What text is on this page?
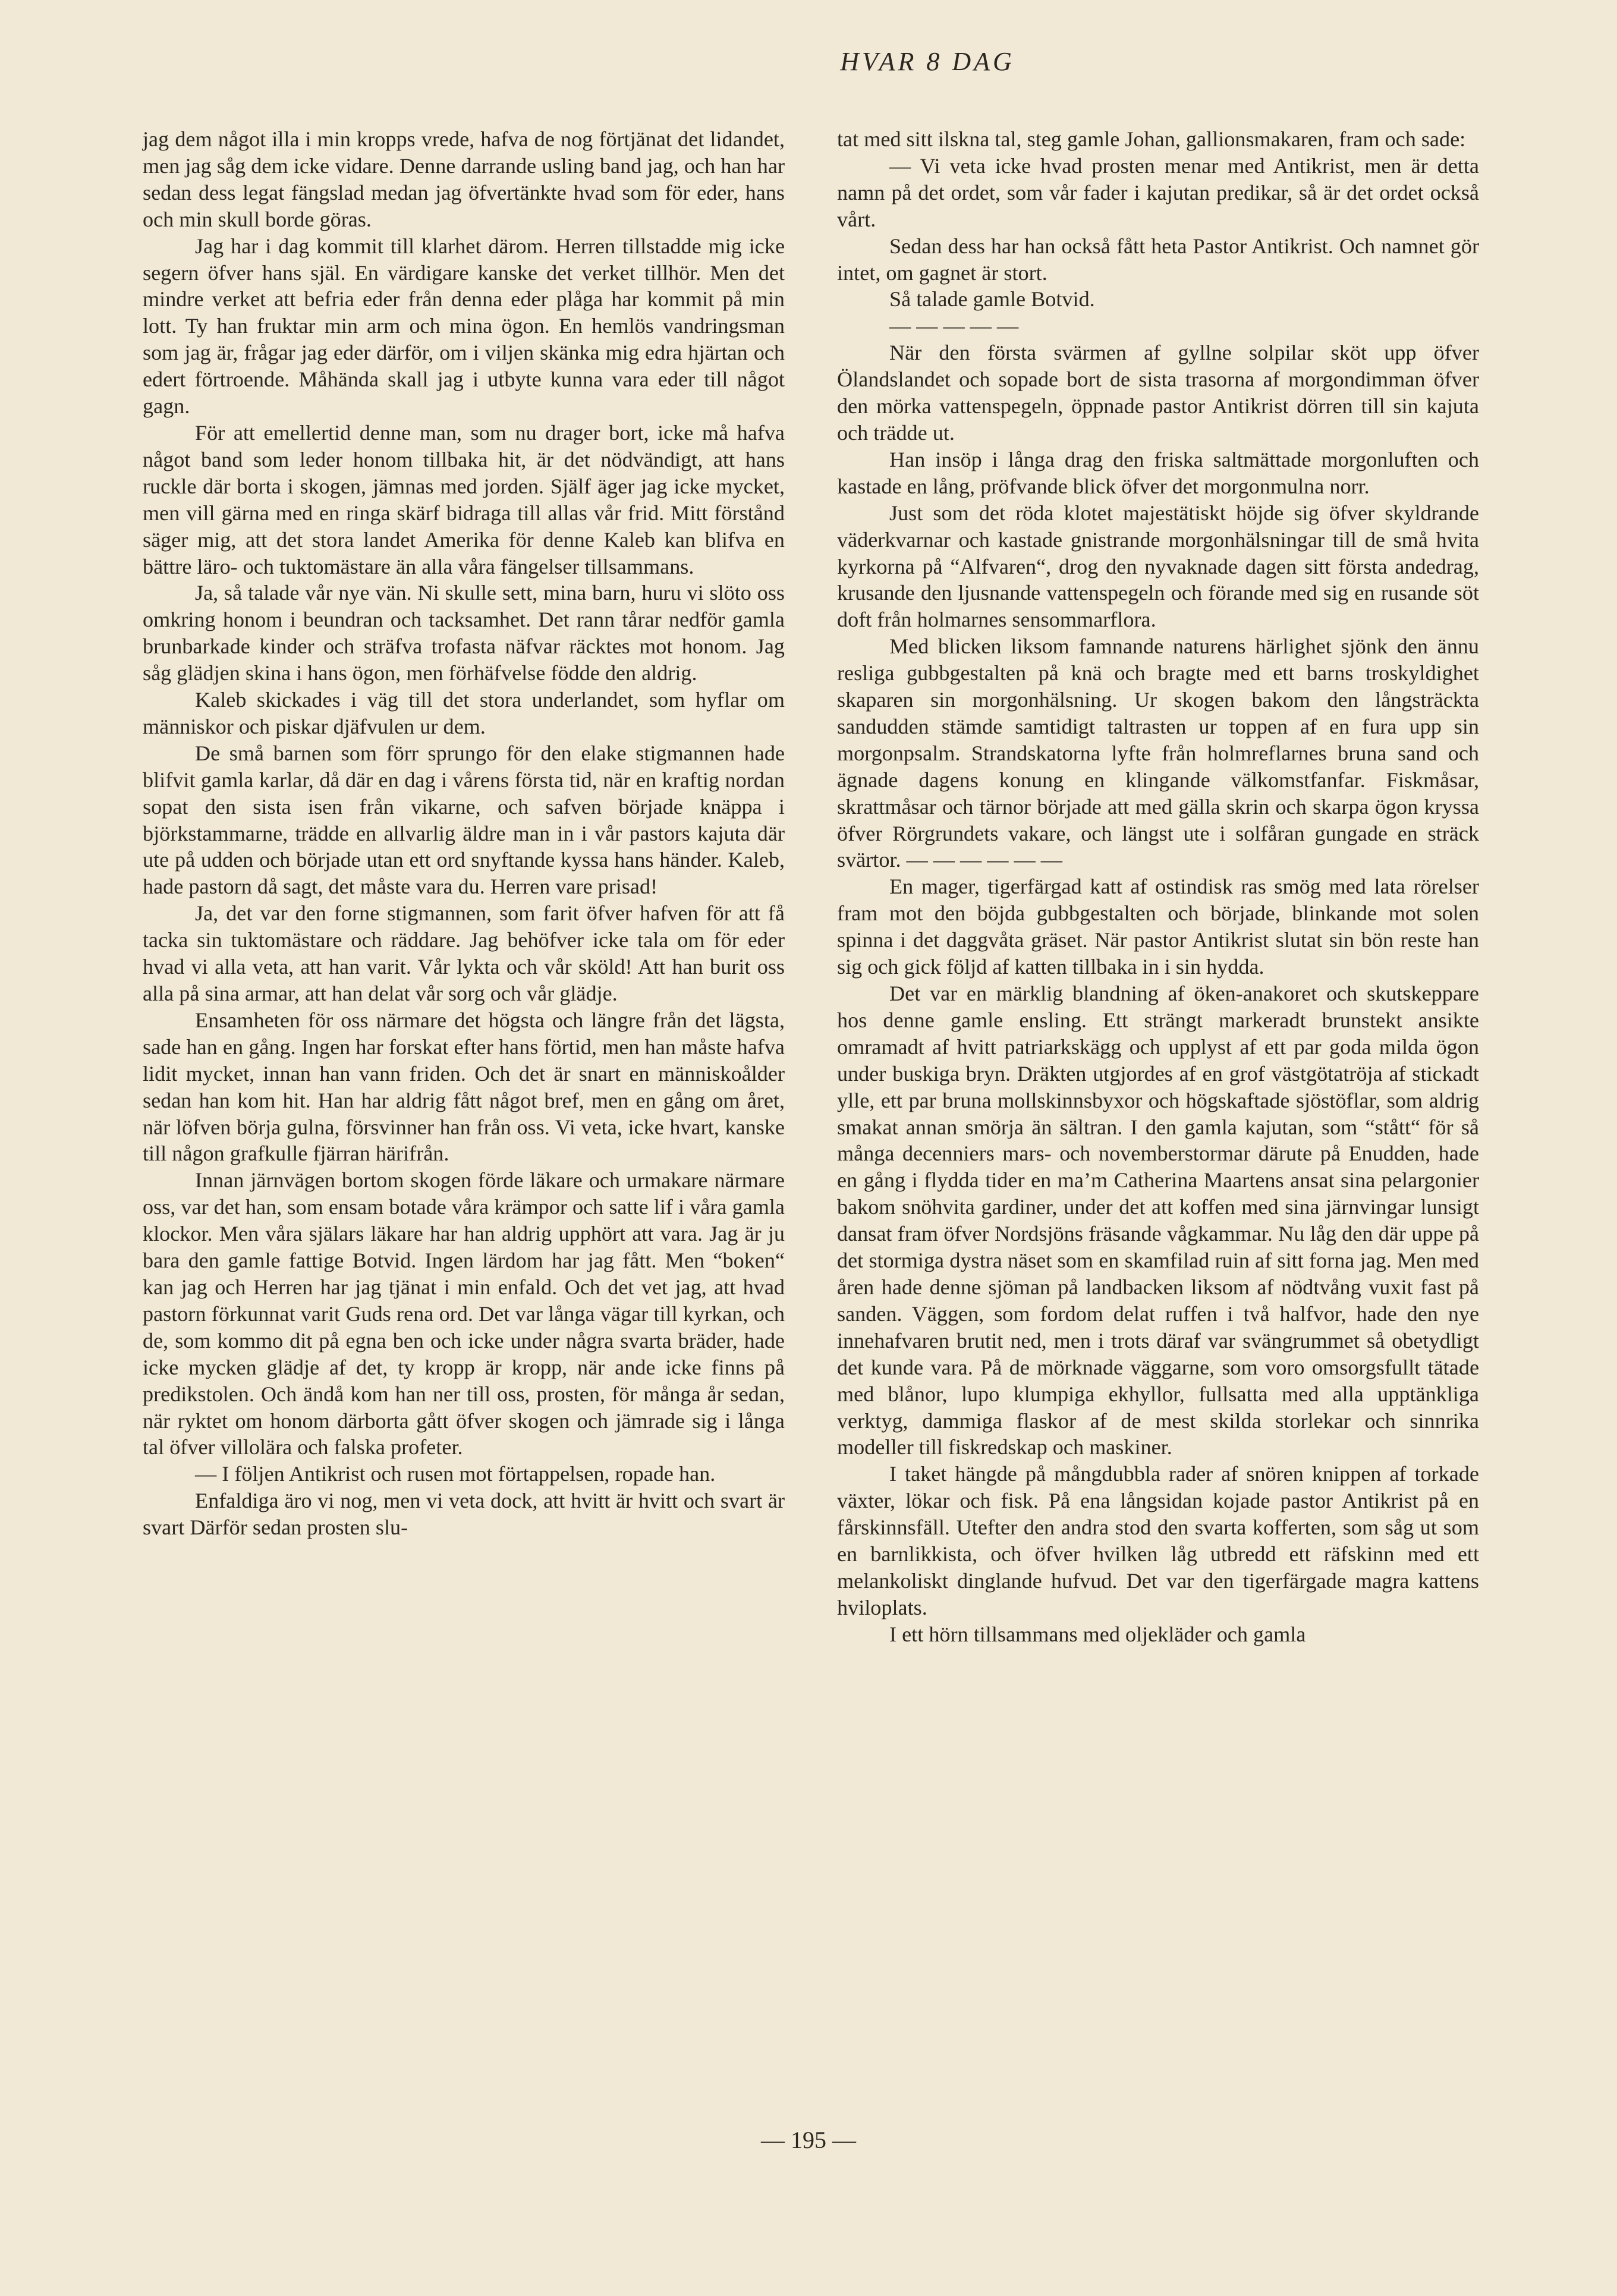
HVAR 8 DAG

jag dem något illa i min kropps vrede, hafva de nog förtjänat det lidandet, men jag såg dem icke vidare. Denne darrande usling band jag, och han har sedan dess legat fängslad medan jag öfvertänkte hvad som för eder, hans och min skull borde göras.

Jag har i dag kommit till klarhet därom. Herren tillstadde mig icke segern öfver hans själ. En värdigare kanske det verket tillhör. Men det mindre verket att befria eder från denna eder plåga har kommit på min lott. Ty han fruktar min arm och mina ögon. En hemlös vandringsman som jag är, frågar jag eder därför, om i viljen skänka mig edra hjärtan och edert förtroende. Måhända skall jag i utbyte kunna vara eder till något gagn.

För att emellertid denne man, som nu drager bort, icke må hafva något band som leder honom tillbaka hit, är det nödvändigt, att hans ruckle där borta i skogen, jämnas med jorden. Själf äger jag icke mycket, men vill gärna med en ringa skärf bidraga till allas vår frid. Mitt förstånd säger mig, att det stora landet Amerika för denne Kaleb kan blifva en bättre läro- och tuktomästare än alla våra fängelser tillsammans.

Ja, så talade vår nye vän. Ni skulle sett, mina barn, huru vi slöto oss omkring honom i beundran och tacksamhet. Det rann tårar nedför gamla brunbarkade kinder och sträfva trofasta näfvar räcktes mot honom. Jag såg glädjen skina i hans ögon, men förhäfvelse födde den aldrig.

Kaleb skickades i väg till det stora underlandet, som hyflar om människor och piskar djäfvulen ur dem.

De små barnen som förr sprungo för den elake stigmannen hade blifvit gamla karlar, då där en dag i vårens första tid, när en kraftig nordan sopat den sista isen från vikarne, och safven började knäppa i björkstammarne, trädde en allvarlig äldre man in i vår pastors kajuta där ute på udden och började utan ett ord snyftande kyssa hans händer. Kaleb, hade pastorn då sagt, det måste vara du. Herren vare prisad!

Ja, det var den forne stigmannen, som farit öfver hafven för att få tacka sin tuktomästare och räddare. Jag behöfver icke tala om för eder hvad vi alla veta, att han varit. Vår lykta och vår sköld! Att han burit oss alla på sina armar, att han delat vår sorg och vår glädje.

Ensamheten för oss närmare det högsta och längre från det lägsta, sade han en gång. Ingen har forskat efter hans förtid, men han måste hafva lidit mycket, innan han vann friden. Och det är snart en människoålder sedan han kom hit. Han har aldrig fått något bref, men en gång om året, när löfven börja gulna, försvinner han från oss. Vi veta, icke hvart, kanske till någon grafkulle fjärran härifrån.

Innan järnvägen bortom skogen förde läkare och urmakare närmare oss, var det han, som ensam botade våra krämpor och satte lif i våra gamla klockor. Men våra själars läkare har han aldrig upphört att vara. Jag är ju bara den gamle fattige Botvid. Ingen lärdom har jag fått. Men “boken“ kan jag och Herren har jag tjänat i min enfald. Och det vet jag, att hvad pastorn förkunnat varit Guds rena ord. Det var långa vägar till kyrkan, och de, som kommo dit på egna ben och icke under några svarta bräder, hade icke mycken glädje af det, ty kropp är kropp, när ande icke finns på predikstolen. Och ändå kom han ner till oss, prosten, för många år sedan, när ryktet om honom därborta gått öfver skogen och jämrade sig i långa tal öfver villolära och falska profeter.

— I följen Antikrist och rusen mot förtappelsen, ropade han.

Enfaldiga äro vi nog, men vi veta dock, att hvitt är hvitt och svart är svart Därför sedan prosten slu-

tat med sitt ilskna tal, steg gamle Johan, gallionsmakaren, fram och sade:

— Vi veta icke hvad prosten menar med Antikrist, men är detta namn på det ordet, som vår fader i kajutan predikar, så är det ordet också vårt.

Sedan dess har han också fått heta Pastor Antikrist. Och namnet gör intet, om gagnet är stort.

Så talade gamle Botvid.

— — — — —

När den första svärmen af gyllne solpilar sköt upp öfver Ölandslandet och sopade bort de sista trasorna af morgondimman öfver den mörka vattenspegeln, öppnade pastor Antikrist dörren till sin kajuta och trädde ut.

Han insöp i långa drag den friska saltmättade morgonluften och kastade en lång, pröfvande blick öfver det morgonmulna norr.

Just som det röda klotet majestätiskt höjde sig öfver skyldrande väderkvarnar och kastade gnistrande morgonhälsningar till de små hvita kyrkorna på “Alfvaren“, drog den nyvaknade dagen sitt första andedrag, krusande den ljusnande vattenspegeln och förande med sig en rusande söt doft från holmarnes sensommarflora.

Med blicken liksom famnande naturens härlighet sjönk den ännu resliga gubbgestalten på knä och bragte med ett barns troskyldighet skaparen sin morgonhälsning. Ur skogen bakom den långsträckta sandudden stämde samtidigt taltrasten ur toppen af en fura upp sin morgonpsalm. Strandskatorna lyfte från holmreflarnes bruna sand och ägnade dagens konung en klingande välkomstfanfar. Fiskmåsar, skrattmåsar och tärnor började att med gälla skrin och skarpa ögon kryssa öfver Rörgrundets vakare, och längst ute i solfåran gungade en sträck svärtor. — — — — — —

En mager, tigerfärgad katt af ostindisk ras smög med lata rörelser fram mot den böjda gubbgestalten och började, blinkande mot solen spinna i det daggvåta gräset. När pastor Antikrist slutat sin bön reste han sig och gick följd af katten tillbaka in i sin hydda.

Det var en märklig blandning af öken-anakoret och skutskeppare hos denne gamle ensling. Ett strängt markeradt brunstekt ansikte omramadt af hvitt patriarkskägg och upplyst af ett par goda milda ögon under buskiga bryn. Dräkten utgjordes af en grof västgötatröja af stickadt ylle, ett par bruna mollskinnsbyxor och högskaftade sjöstöflar, som aldrig smakat annan smörja än sältran. I den gamla kajutan, som “stått“ för så många decenniers mars- och novemberstormar därute på Enudden, hade en gång i flydda tider en ma’m Catherina Maartens ansat sina pelargonier bakom snöhvita gardiner, under det att koffen med sina järnvingar lunsigt dansat fram öfver Nordsjöns fräsande vågkammar. Nu låg den där uppe på det stormiga dystra näset som en skamfilad ruin af sitt forna jag. Men med åren hade denne sjöman på landbacken liksom af nödtvång vuxit fast på sanden. Väggen, som fordom delat ruffen i två halfvor, hade den nye innehafvaren brutit ned, men i trots däraf var svängrummet så obetydligt det kunde vara. På de mörknade väggarne, som voro omsorgsfullt tätade med blånor, lupo klumpiga ekhyllor, fullsatta med alla upptänkliga verktyg, dammiga flaskor af de mest skilda storlekar och sinnrika modeller till fiskredskap och maskiner.

I taket hängde på mångdubbla rader af snören knippen af torkade växter, lökar och fisk. På ena långsidan kojade pastor Antikrist på en fårskinnsfäll. Utefter den andra stod den svarta kofferten, som såg ut som en barnlikkista, och öfver hvilken låg utbredd ett räfskinn med ett melankoliskt dinglande hufvud. Det var den tigerfärgade magra kattens hviloplats.

I ett hörn tillsammans med oljekläder och gamla

— 195 —
